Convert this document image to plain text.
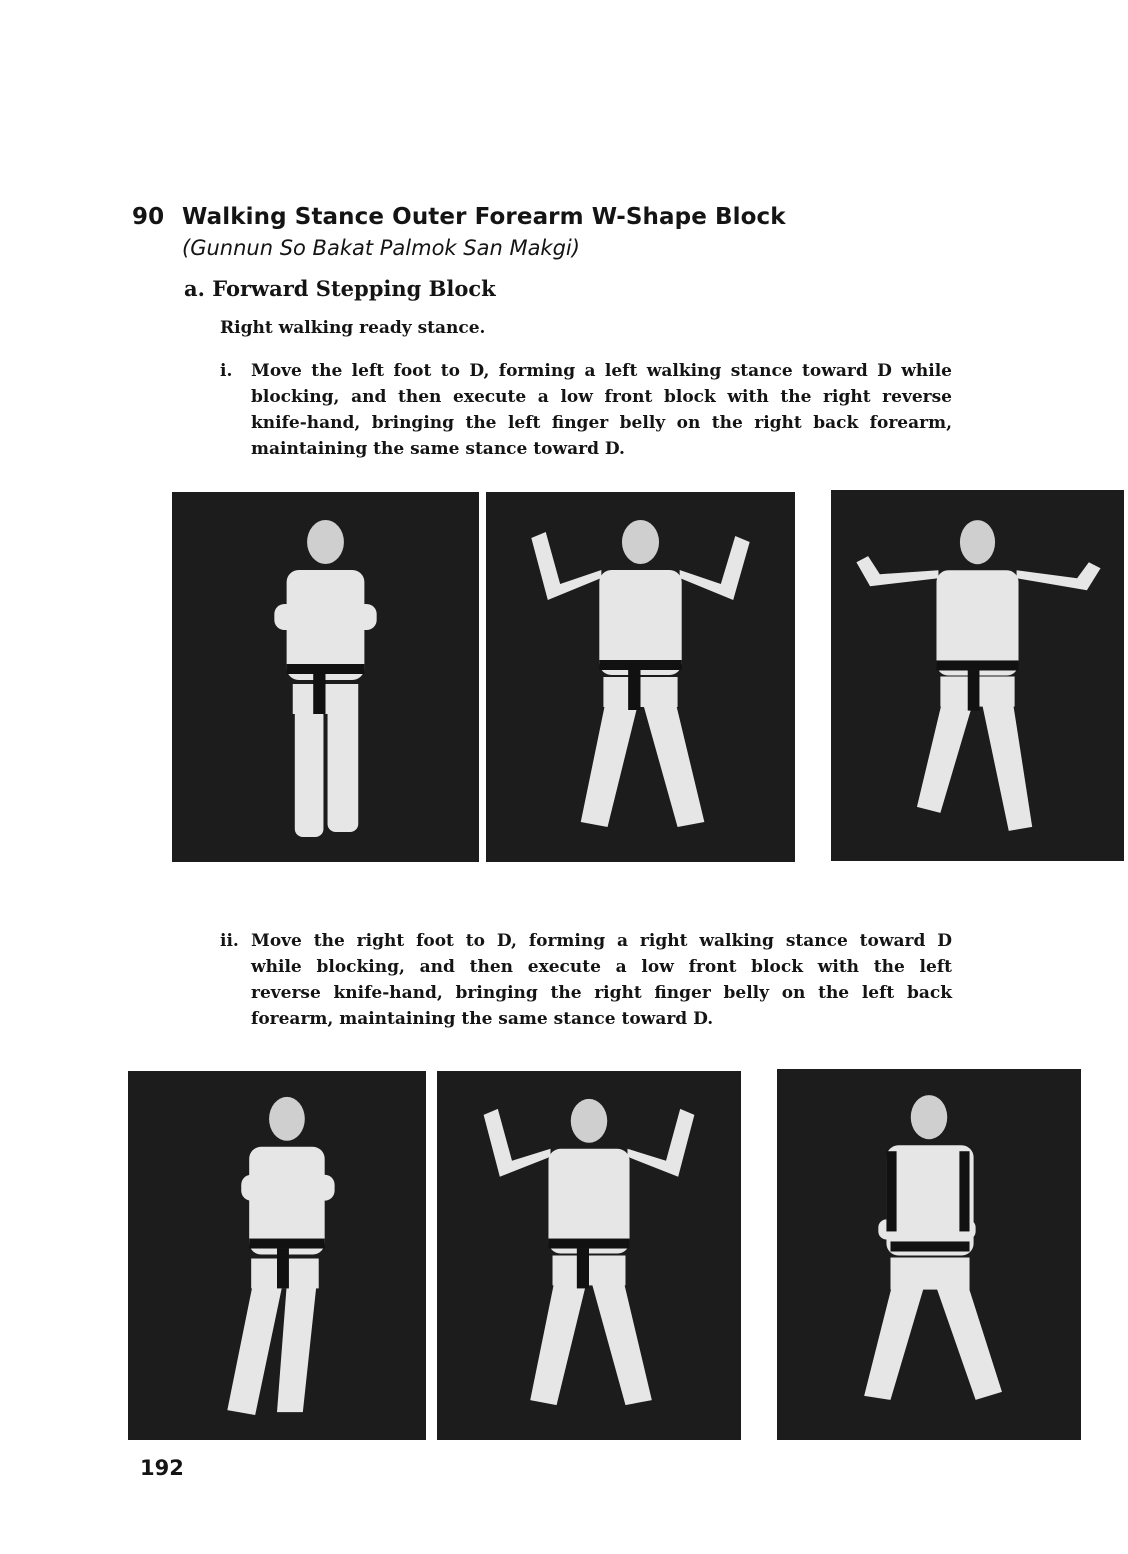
90 Walking Stance Outer Forearm W-Shape Block
(Gunnun So Bakat Palmok San Makgi)
a. Forward Stepping Block
Right walking ready stance.
i.	Move the left foot to D, forming a left walking stance toward D while
blocking, and then execute a low front block with the right reverse
knife-hand, bringing the left finger belly on the right back forearm,
maintaining the same stance toward D.
ii. Move the right foot to D, forming a right walking stance toward D
while blocking, and then execute a low front block with the left
reverse knife-hand, bringing the right finger belly on the left back
forearm, maintaining the same stance toward D.
192
